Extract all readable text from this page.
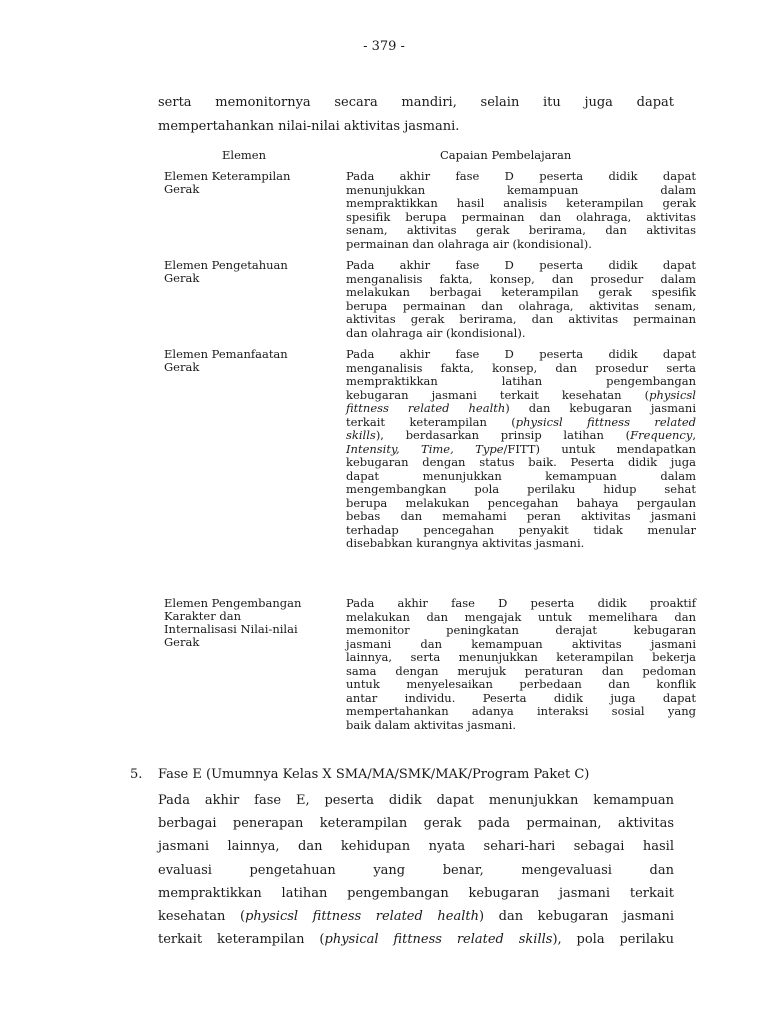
- 379 -
serta memonitornya secara mandiri, selain itu juga dapat
mempertahankan nilai-nilai aktivitas jasmani.
Elemen	Capaian Pembelajaran
Elemen Keterampilan
Gerak
Pada akhir fase D peserta didik dapat
menunjukkan kemampuan dalam
mempraktikkan hasil analisis keterampilan gerak
spesifik berupa permainan dan olahraga, aktivitas
senam, aktivitas gerak berirama, dan aktivitas
permainan dan olahraga air (kondisional).
Elemen Pengetahuan
Gerak
Pada akhir fase D peserta didik dapat
menganalisis fakta, konsep, dan prosedur dalam
melakukan berbagai keterampilan gerak spesifik
berupa permainan dan olahraga, aktivitas senam,
aktivitas gerak berirama, dan aktivitas permainan
dan olahraga air (kondisional).
Elemen Pemanfaatan
Gerak
Pada akhir fase D peserta didik dapat
menganalisis fakta, konsep, dan prosedur serta
mempraktikkan latihan pengembangan
kebugaran jasmani terkait kesehatan (physicsl
fittness related health) dan kebugaran jasmani
terkait keterampilan (physicsl fittness related
skills), berdasarkan prinsip latihan (Frequency,
Intensity, Time, Type/FITT) untuk mendapatkan
kebugaran dengan status baik. Peserta didik juga
dapat menunjukkan kemampuan dalam
mengembangkan pola perilaku hidup sehat
berupa melakukan pencegahan bahaya pergaulan
bebas dan memahami peran aktivitas jasmani
terhadap pencegahan penyakit tidak menular
disebabkan kurangnya aktivitas jasmani.
Elemen Pengembangan
Karakter dan
Internalisasi Nilai-nilai
Gerak
Pada akhir fase D peserta didik proaktif
melakukan dan mengajak untuk memelihara dan
memonitor peningkatan derajat kebugaran
jasmani dan kemampuan aktivitas jasmani
lainnya, serta menunjukkan keterampilan bekerja
sama dengan merujuk peraturan dan pedoman
untuk menyelesaikan perbedaan dan konflik
antar individu. Peserta didik juga dapat
mempertahankan adanya interaksi sosial yang
baik dalam aktivitas jasmani.
5. Fase E (Umumnya Kelas X SMA/MA/SMK/MAK/Program Paket C)
Pada akhir fase E, peserta didik dapat menunjukkan kemampuan
berbagai penerapan keterampilan gerak pada permainan, aktivitas
jasmani lainnya, dan kehidupan nyata sehari-hari sebagai hasil
evaluasi pengetahuan yang benar, mengevaluasi dan
mempraktikkan latihan pengembangan kebugaran jasmani terkait
kesehatan (physicsl fittness related health) dan kebugaran jasmani
terkait keterampilan (physical fittness related skills), pola perilaku
